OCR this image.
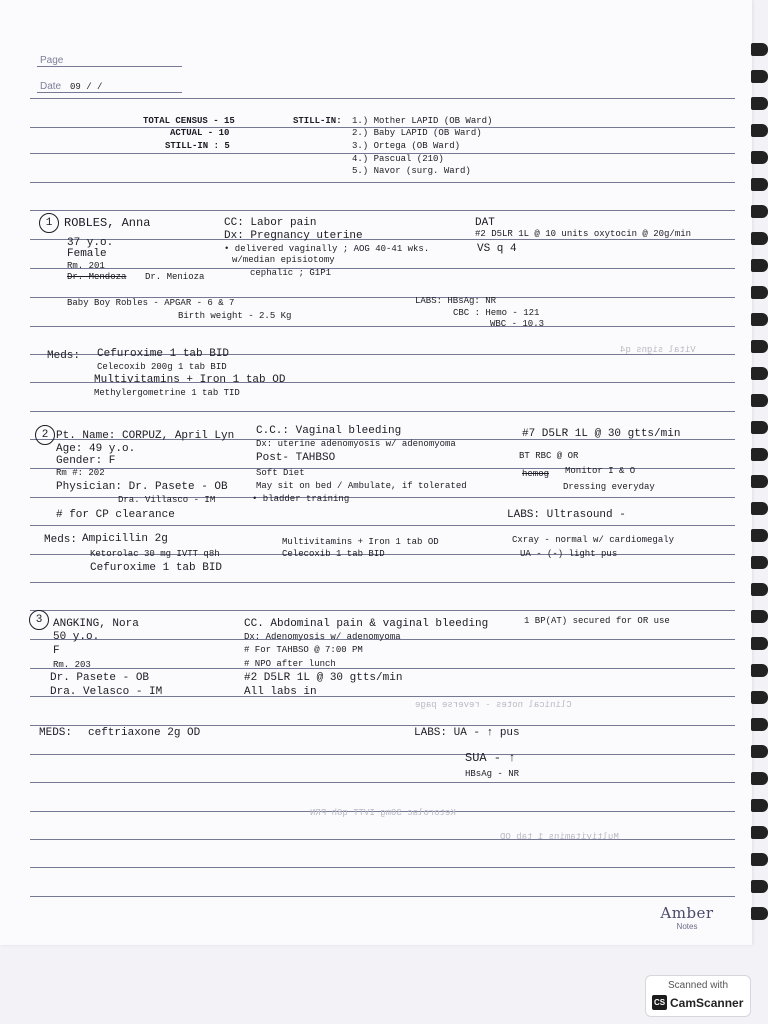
Page
Date 09 / /
TOTAL CENSUS - 15
ACTUAL - 10
STILL-IN : 5
STILL-IN: 1.) Mother LAPID (OB Ward)
2.) Baby LAPID (OB Ward)
3.) Ortega (OB Ward)
4.) Pascual (210)
5.) Navor (surg. Ward)
1 ROBLES, Anna
37 y.o.
Female
Rm. 201
Dr. Mendoza Dr. Menioza
CC: Labor pain
Dx: Pregnancy uterine
• delivered vaginally ; AOG 40-41 wks.
w/median episiotomy
cephalic ; G1P1
DAT
#2 D5LR 1L @ 10 units oxytocin @ 20g/min
VS q 4
Baby Boy Robles - APGAR - 6 & 7
Birth weight - 2.5 Kg
LABS: HBsAg: NR
CBC : Hemo - 121
WBC - 10.3
Meds: Cefuroxime 1 tab BID
Celecoxib 200g 1 tab BID
Multivitamins + Iron 1 tab OD
Methylergometrine 1 tab TID
2 Pt. Name: CORPUZ, April Lyn
Age: 49 y.o.
Gender: F
Rm #: 202
Physician: Dr. Pasete - OB
Dra. Villasco - IM
# for CP clearance
C.C.: Vaginal bleeding
Dx: uterine adenomyosis w/ adenomyoma
Post- TAHBSO
Soft Diet
May sit on bed / Ambulate, if tolerated
• bladder training
#7 D5LR 1L @ 30 gtts/min
BT RBC @ OR
hemog Monitor I & O
Dressing everyday
LABS: Ultrasound -
Meds: Ampicillin 2g
Ketorolac 30 mg IVTT q8h
Cefuroxime 1 tab BID
Multivitamins + Iron 1 tab OD
Celecoxib 1 tab BID
Cxray - normal w/ cardiomegaly
UA - (-) light pus
3 ANGKING, Nora
50 y.o.
F
Rm. 203
Dr. Pasete - OB
Dra. Velasco - IM
CC. Abdominal pain & vaginal bleeding	1 BP(AT) secured for OR use
Dx: Adenomyosis w/ adenomyoma
# For TAHBSO @ 7:00 PM
# NPO after lunch
#2 D5LR 1L @ 30 gtts/min
All labs in
MEDS: ceftriaxone 2g OD	LABS: UA - ↑ pus
SUA - ↑
HBsAg - NR
Clinical notes - reverse page
Ketorolac 30mg IVTT q8h PRN
Multivitamins 1 tab OD
Vital signs q4
Amber
Notes
Scanned with
CS CamScanner
